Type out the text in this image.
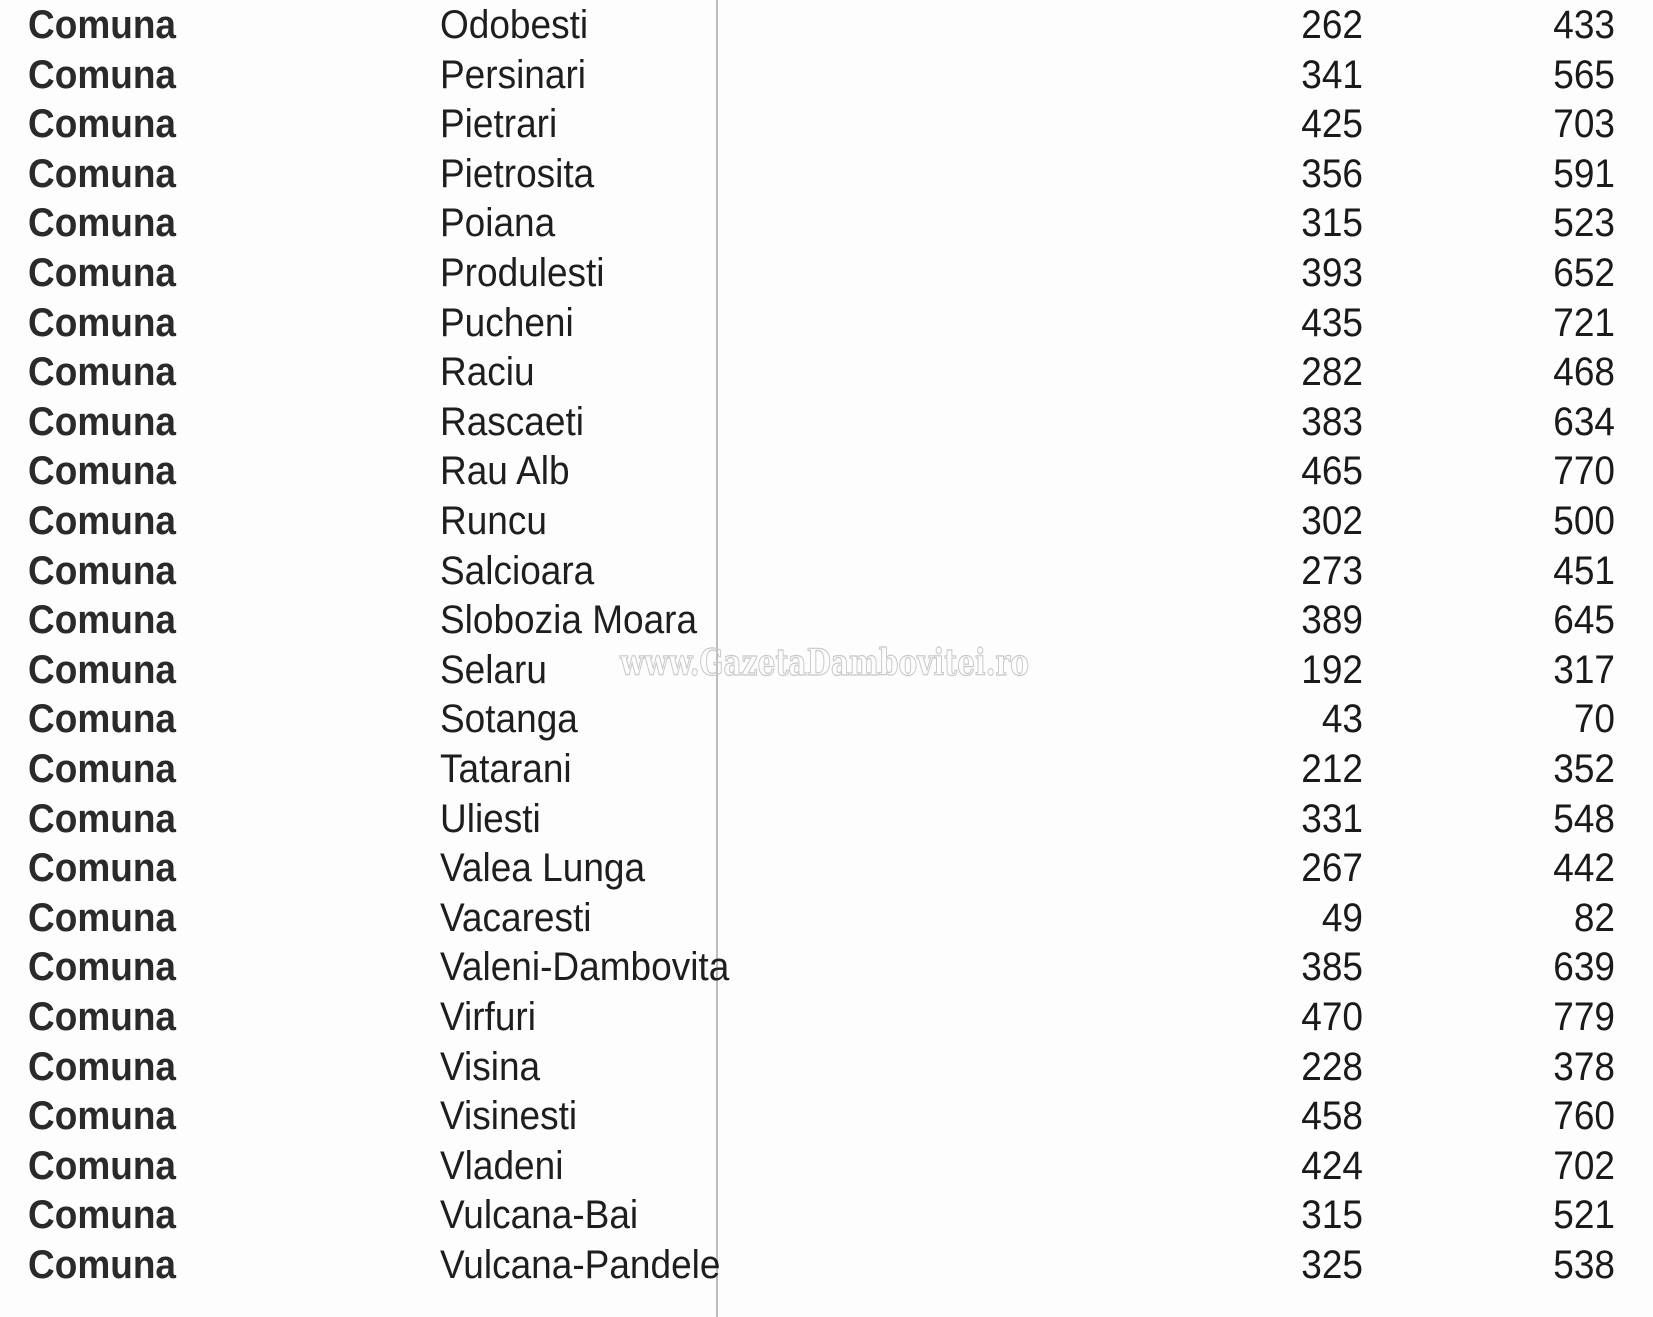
Comuna	Odobesti	262	433
Comuna	Persinari	341	565
Comuna	Pietrari	425	703
Comuna	Pietrosita	356	591
Comuna	Poiana	315	523
Comuna	Produlesti	393	652
Comuna	Pucheni	435	721
Comuna	Raciu	282	468
Comuna	Rascaeti	383	634
Comuna	Rau Alb	465	770
Comuna	Runcu	302	500
Comuna	Salcioara	273	451
Comuna	Slobozia Moara	389	645
Comuna	Selaru	192	317
Comuna	Sotanga	43	70
Comuna	Tatarani	212	352
Comuna	Uliesti	331	548
Comuna	Valea Lunga	267	442
Comuna	Vacaresti	49	82
Comuna	Valeni-Dambovita	385	639
Comuna	Virfuri	470	779
Comuna	Visina	228	378
Comuna	Visinesti	458	760
Comuna	Vladeni	424	702
Comuna	Vulcana-Bai	315	521
Comuna	Vulcana-Pandele	325	538
www.GazetaDambovitei.ro
